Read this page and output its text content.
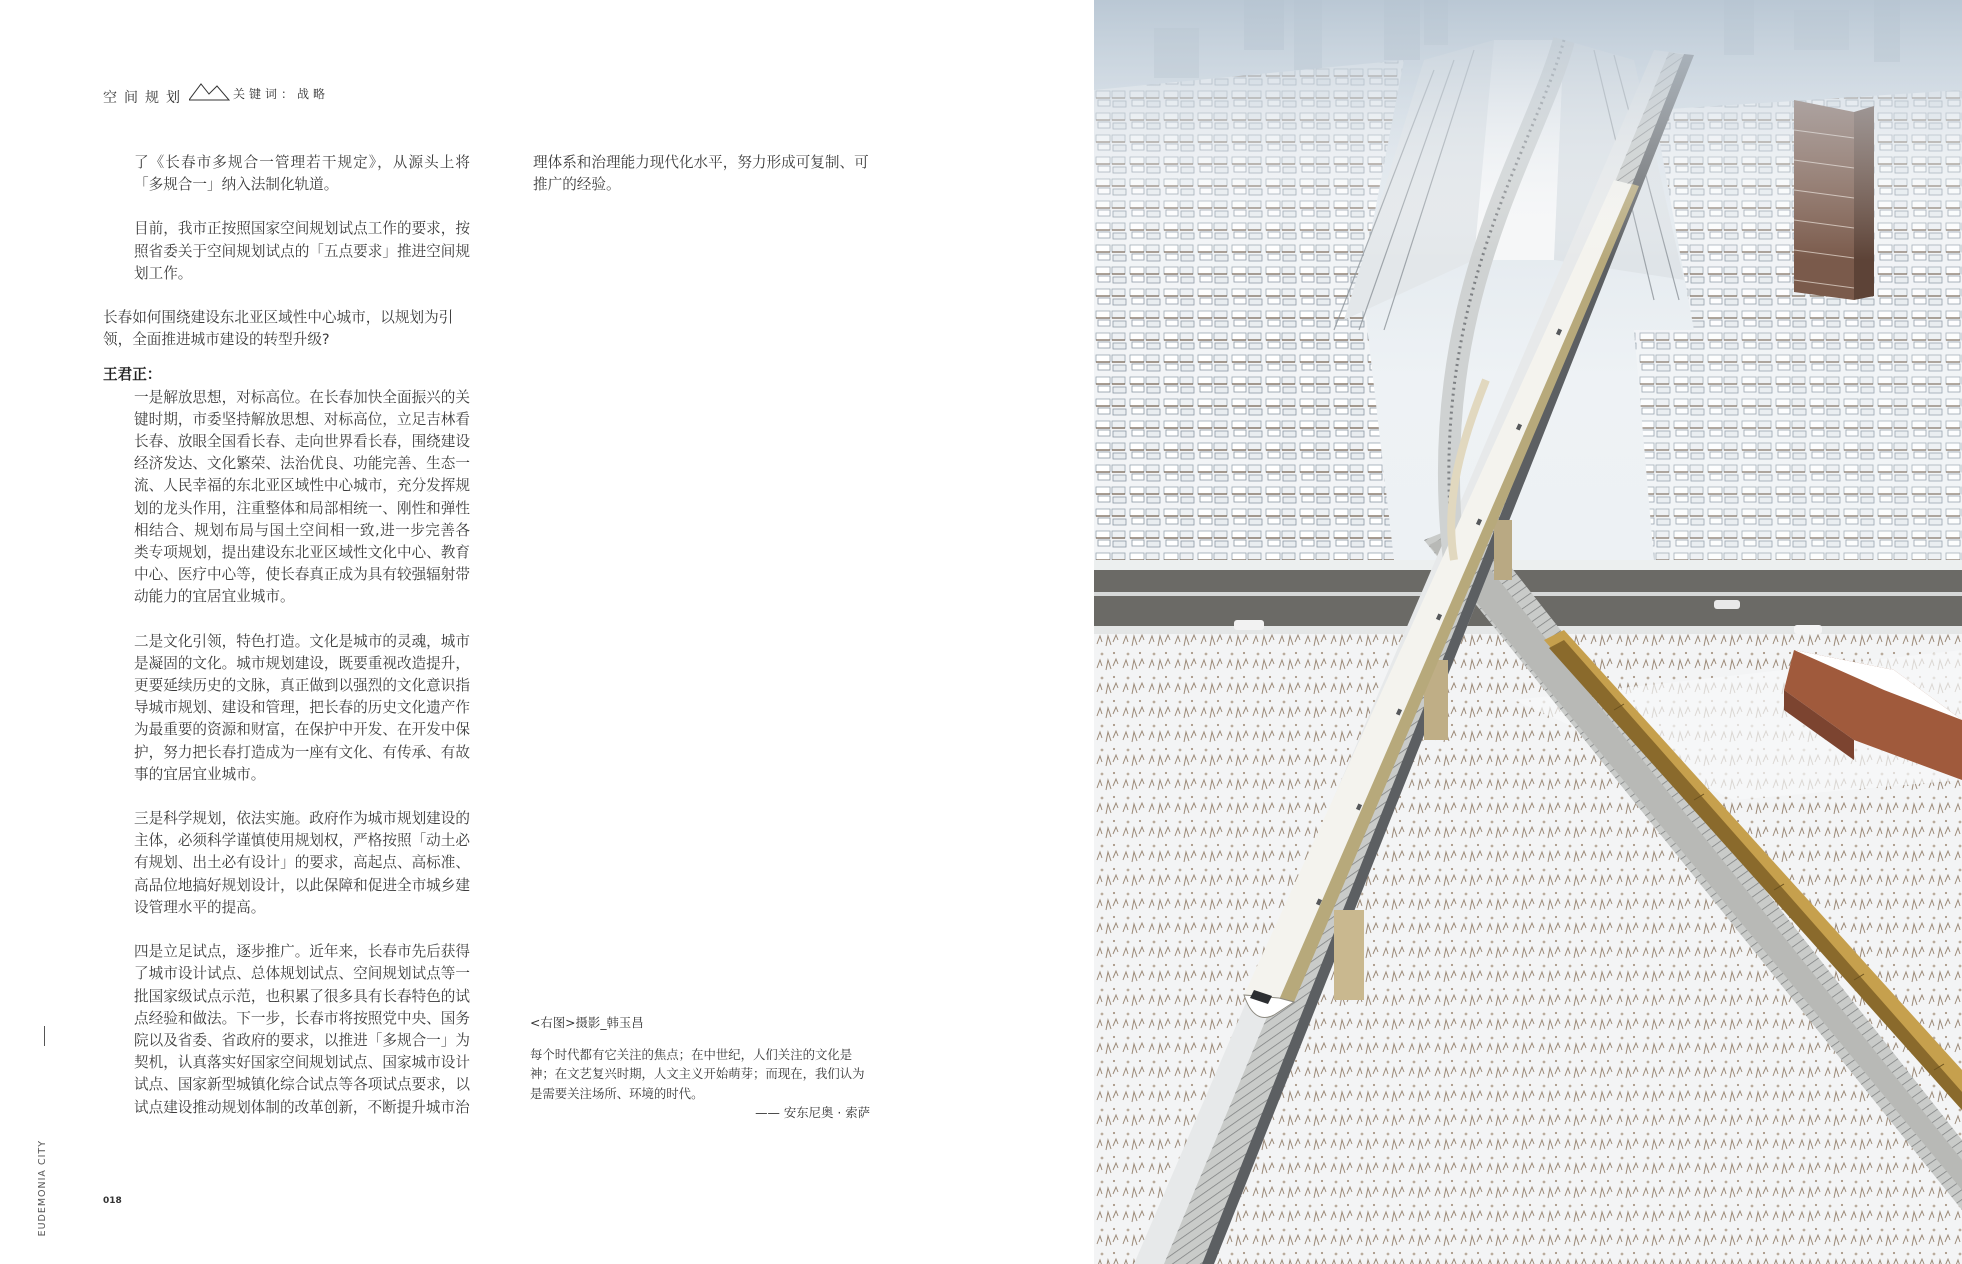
空间规划	关键词：战略

了《长春市多规合一管理若干规定》，从源头上将「多规合一」纳入法制化轨道。

目前，我市正按照国家空间规划试点工作的要求，按照省委关于空间规划试点的「五点要求」推进空间规划工作。

长春如何围绕建设东北亚区域性中心城市，以规划为引领，全面推进城市建设的转型升级?

王君正：

一是解放思想，对标高位。在长春加快全面振兴的关键时期，市委坚持解放思想、对标高位，立足吉林看长春、放眼全国看长春、走向世界看长春，围绕建设经济发达、文化繁荣、法治优良、功能完善、生态一流、人民幸福的东北亚区域性中心城市，充分发挥规划的龙头作用，注重整体和局部相统一、刚性和弹性相结合、规划布局与国土空间相一致,进一步完善各类专项规划，提出建设东北亚区域性文化中心、教育中心、医疗中心等，使长春真正成为具有较强辐射带动能力的宜居宜业城市。

二是文化引领，特色打造。文化是城市的灵魂，城市是凝固的文化。城市规划建设，既要重视改造提升，更要延续历史的文脉，真正做到以强烈的文化意识指导城市规划、建设和管理，把长春的历史文化遗产作为最重要的资源和财富，在保护中开发、在开发中保护，努力把长春打造成为一座有文化、有传承、有故事的宜居宜业城市。

三是科学规划，依法实施。政府作为城市规划建设的主体，必须科学谨慎使用规划权，严格按照「动土必有规划、出土必有设计」的要求，高起点、高标准、高品位地搞好规划设计，以此保障和促进全市城乡建设管理水平的提高。

四是立足试点，逐步推广。近年来，长春市先后获得了城市设计试点、总体规划试点、空间规划试点等一批国家级试点示范，也积累了很多具有长春特色的试点经验和做法。下一步，长春市将按照党中央、国务院以及省委、省政府的要求，以推进「多规合一」为契机，认真落实好国家空间规划试点、国家城市设计试点、国家新型城镇化综合试点等各项试点要求，以试点建设推动规划体制的改革创新，不断提升城市治

理体系和治理能力现代化水平，努力形成可复制、可推广的经验。

<右图>摄影_韩玉昌

每个时代都有它关注的焦点；在中世纪，人们关注的文化是神；在文艺复兴时期，人文主义开始萌芽；而现在，我们认为是需要关注场所、环境的时代。

—— 安东尼奥 · 索萨

EUDEMONIA CITY	018
